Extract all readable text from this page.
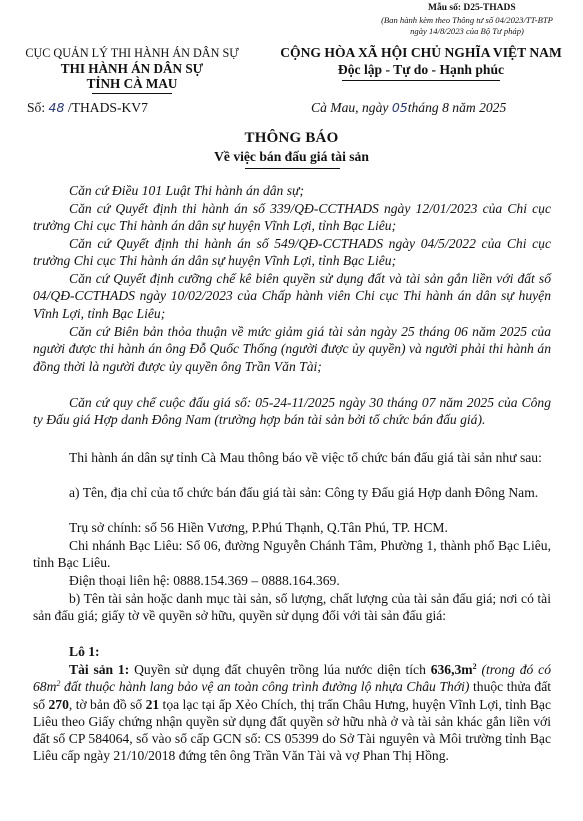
Mẫu số: D25-THADS
(Ban hành kèm theo Thông tư số 04/2023/TT-BTP
ngày 14/8/2023 của Bộ Tư pháp)
CỤC QUẢN LÝ THI HÀNH ÁN DÂN SỰ
THI HÀNH ÁN DÂN SỰ
TỈNH CÀ MAU
CỘNG HÒA XÃ HỘI CHỦ NGHĨA VIỆT NAM
Độc lập - Tự do - Hạnh phúc
Số: 48 /THADS-KV7	Cà Mau, ngày 05tháng 8 năm 2025
THÔNG BÁO
Về việc bán đấu giá tài sản

Căn cứ Điều 101 Luật Thi hành án dân sự;

Căn cứ Quyết định thi hành án số 339/QĐ-CCTHADS ngày 12/01/2023 của Chi cục trưởng Chi cục Thi hành án dân sự huyện Vĩnh Lợi, tỉnh Bạc Liêu;

Căn cứ Quyết định thi hành án số 549/QĐ-CCTHADS ngày 04/5/2022 của Chi cục trưởng Chi cục Thi hành án dân sự huyện Vĩnh Lợi, tỉnh Bạc Liêu;

Căn cứ Quyết định cưỡng chế kê biên quyền sử dụng đất và tài sản gắn liền với đất số 04/QĐ-CCTHADS ngày 10/02/2023 của Chấp hành viên Chi cục Thi hành án dân sự huyện Vĩnh Lợi, tỉnh Bạc Liêu;

Căn cứ Biên bản thỏa thuận về mức giảm giá tài sản ngày 25 tháng 06 năm 2025 của người được thi hành án ông Đỗ Quốc Thống (người được ủy quyền) và người phải thi hành án đồng thời là người được ủy quyền ông Trần Văn Tài;

Căn cứ quy chế cuộc đấu giá số: 05-24-11/2025 ngày 30 tháng 07 năm 2025 của Công ty Đấu giá Hợp danh Đông Nam (trường hợp bán tài sản bởi tổ chức bán đấu giá).

Thi hành án dân sự tỉnh Cà Mau thông báo về việc tổ chức bán đấu giá tài sản như sau:

a) Tên, địa chỉ của tổ chức bán đấu giá tài sản: Công ty Đấu giá Hợp danh Đông Nam.

Trụ sở chính: số 56 Hiền Vương, P.Phú Thạnh, Q.Tân Phú, TP. HCM.

Chi nhánh Bạc Liêu: Số 06, đường Nguyễn Chánh Tâm, Phường 1, thành phố Bạc Liêu, tỉnh Bạc Liêu.

Điện thoại liên hệ: 0888.154.369 – 0888.164.369.

b) Tên tài sản hoặc danh mục tài sản, số lượng, chất lượng của tài sản đấu giá; nơi có tài sản đấu giá; giấy tờ về quyền sở hữu, quyền sử dụng đối với tài sản đấu giá:

Lô 1:

Tài sản 1: Quyền sử dụng đất chuyên trồng lúa nước diện tích $636,3m^2$ (trong đó có $68m^2$ đất thuộc hành lang bảo vệ an toàn công trình đường lộ nhựa Châu Thới) thuộc thửa đất số 270, tờ bản đồ số 21 tọa lạc tại ấp Xẻo Chích, thị trấn Châu Hưng, huyện Vĩnh Lợi, tỉnh Bạc Liêu theo Giấy chứng nhận quyền sử dụng đất quyền sở hữu nhà ở và tài sản khác gắn liền với đất số CP 584064, số vào sổ cấp GCN số: CS 05399 do Sở Tài nguyên và Môi trường tỉnh Bạc Liêu cấp ngày 21/10/2018 đứng tên ông Trần Văn Tài và vợ Phan Thị Hồng.
